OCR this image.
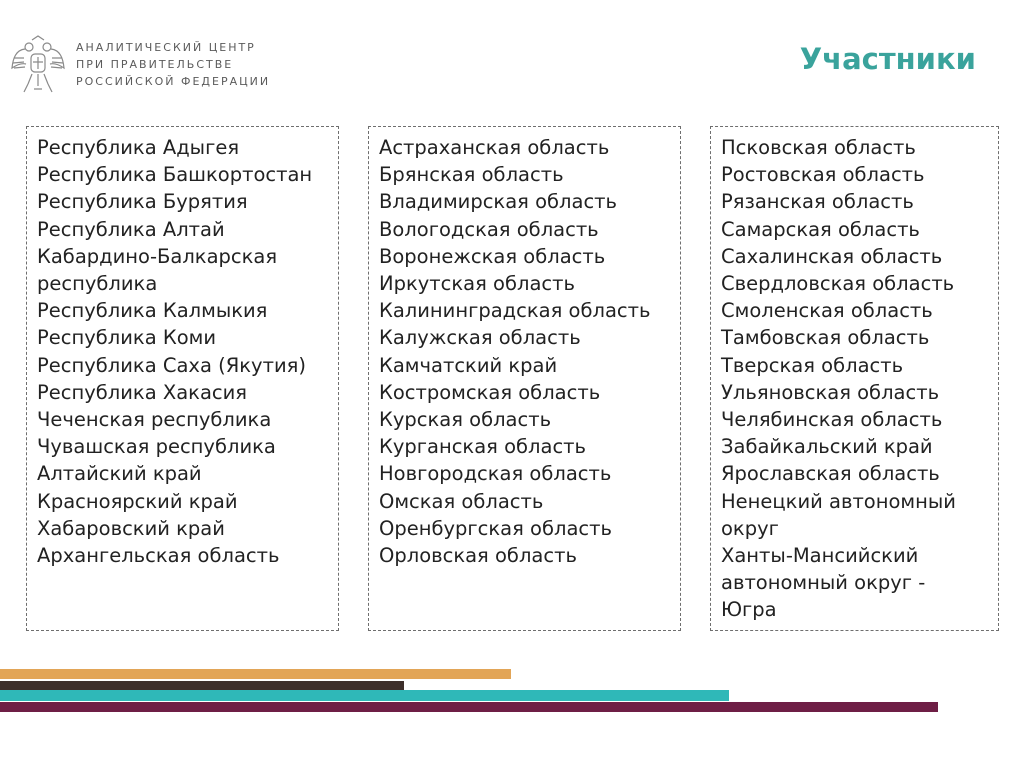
АНАЛИТИЧЕСКИЙ ЦЕНТР
ПРИ ПРАВИТЕЛЬСТВЕ
РОССИЙСКОЙ ФЕДЕРАЦИИ
Участники
Республика Адыгея
Республика Башкортостан
Республика Бурятия
Республика Алтай
Кабардино-Балкарская
республика
Республика Калмыкия
Республика Коми
Республика Саха (Якутия)
Республика Хакасия
Чеченская республика
Чувашская республика
Алтайский край
Красноярский край
Хабаровский край
Архангельская область
Астраханская область
Брянская область
Владимирская область
Вологодская область
Воронежская область
Иркутская область
Калининградская область
Калужская область
Камчатский край
Костромская область
Курская область
Курганская область
Новгородская область
Омская область
Оренбургская область
Орловская область
Псковская область
Ростовская область
Рязанская область
Самарская область
Сахалинская область
Свердловская область
Смоленская область
Тамбовская область
Тверская область
Ульяновская область
Челябинская область
Забайкальский край
Ярославская область
Ненецкий автономный
округ
Ханты-Мансийский
автономный округ -
Югра
